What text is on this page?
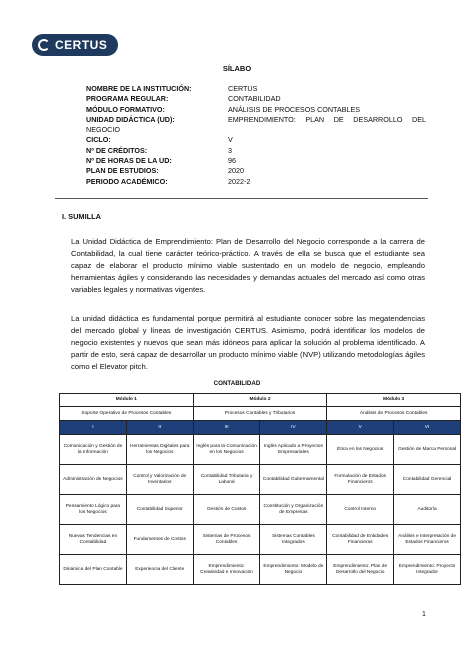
CERTUS
SÍLABO
NOMBRE DE LA INSTITUCIÓN:	CERTUS
PROGRAMA REGULAR:	CONTABILIDAD
MÓDULO FORMATIVO:	ANÁLISIS DE PROCESOS CONTABLES
UNIDAD DIDÁCTICA (UD):	EMPRENDIMIENTO: PLAN DE DESARROLLO DEL
NEGOCIO
CICLO:	V
Nº DE CRÉDITOS:	3
Nº DE HORAS DE LA UD:	96
PLAN DE ESTUDIOS:	2020
PERIODO ACADÉMICO:	2022-2
I. SUMILLA
La Unidad Didáctica de Emprendimiento: Plan de Desarrollo del Negocio corresponde a la carrera de Contabilidad, la cual tiene carácter teórico-práctico. A través de ella se busca que el estudiante sea capaz de elaborar el producto mínimo viable sustentado en un modelo de negocio, empleando herramientas ágiles y considerando las necesidades y demandas actuales del mercado así como otras variables legales y normativas vigentes.
La unidad didáctica es fundamental porque permitirá al estudiante conocer sobre las megatendencias del mercado global y líneas de investigación CERTUS. Asimismo, podrá identificar los modelos de negocio existentes y nuevos que sean más idóneos para aplicar la solución al problema identificado. A partir de esto, será capaz de desarrollar un producto mínimo viable (NVP) utilizando metodologías ágiles como el Elevator pitch.
CONTABILIDAD
Módulo 1		Módulo 2		Módulo 3	
Soporte Operativo de Procesos Contables		Procesos Contables y Tributarios		Análisis de Procesos Contables	
I	II	III	IV	V	VI
Comunicación y Gestión de la Información	Herramientas Digitales para los Negocios	Inglés para la Comunicación en los Negocios	Inglés Aplicado a Proyectos Empresariales	Ética en los Negocios	Gestión de Marca Personal
Administración de Negocios	Control y Valorización de Inventarios	Contabilidad Tributaria y Laboral	Contabilidad Gubernamental	Formulación de Estados Financieros	Contabilidad Gerencial
Pensamiento Lógico para los Negocios	Contabilidad Superior	Gestión de Costos	Constitución y Organización de Empresas	Control Interno	Auditoría
Nuevas Tendencias en Contabilidad	Fundamentos de Costos	Sistemas de Procesos Contables	Sistemas Contables Integrados	Contabilidad de Entidades Financieras	Análisis e Interpretación de Estados Financieros
Dinámica del Plan Contable	Experiencia del Cliente	Emprendimiento: Creatividad e Innovación	Emprendimiento: Modelo de Negocio	Emprendimiento: Plan de Desarrollo del Negocio	Emprendimiento: Proyecto Integrador
1
